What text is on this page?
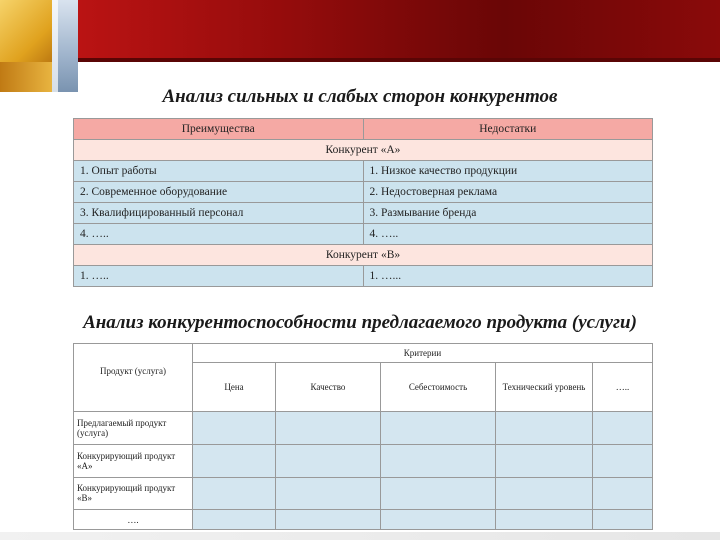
Анализ сильных и слабых сторон конкурентов
Преимущества	Недостатки
Конкурент «А»	
1. Опыт работы	1. Низкое качество продукции
2. Современное оборудование	2. Недостоверная реклама
3. Квалифицированный персонал	3. Размывание бренда
4. …..	4. …..
Конкурент «В»	
1. …..	1. …...
Анализ конкурентоспособности предлагаемого продукта (услуги)
Продукт (услуга)	Критерии				
	Цена	Качество	Себестоимость	Технический уровень	…..
Предлагаемый продукт (услуга)					
Конкурирующий продукт «А»					
Конкурирующий продукт «В»					
….					
